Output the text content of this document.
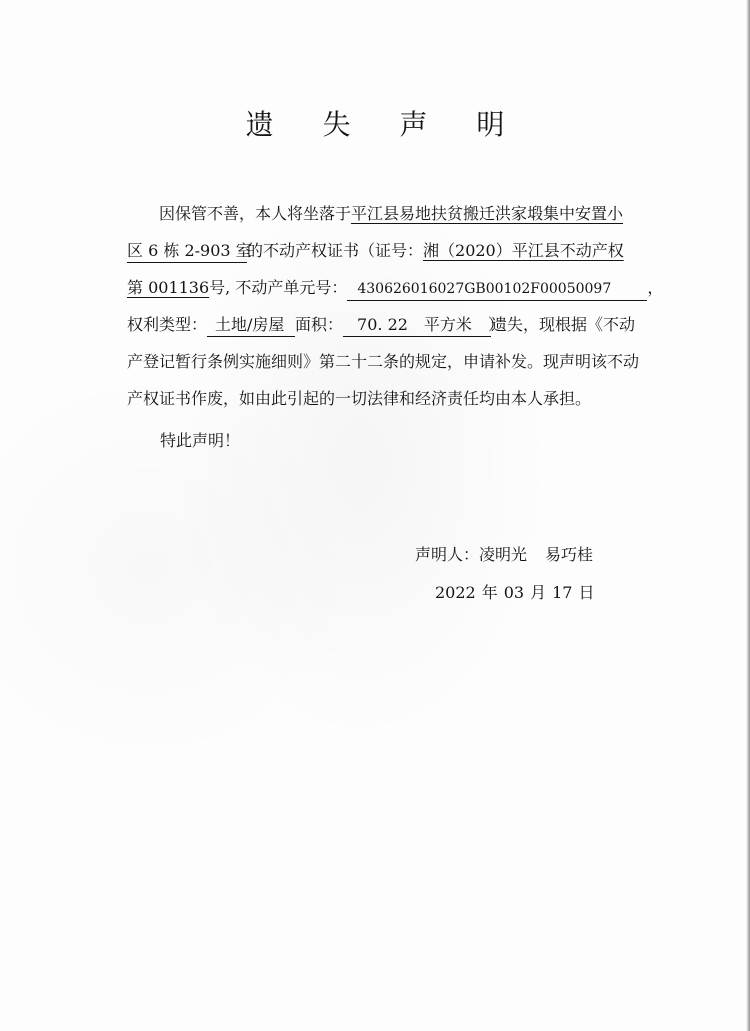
遗 失 声 明
因保管不善，本人将坐落于平江县易地扶贫搬迁洪家塅集中安置小
区 6 栋 2-903 室的不动产权证书（证号：湘（2020）平江县不动产权
第 001136号, 不动产单元号： 430626016027GB00102F00050097 ，
权利类型： 土地/房屋 面积： 70. 22　平方米　）遗失，现根据《不动
产登记暂行条例实施细则》第二十二条的规定，申请补发。现声明该不动
产权证书作废，如由此引起的一切法律和经济责任均由本人承担。
特此声明！
声明人：凌明光 易巧桂
2022 年 03 月 17 日
